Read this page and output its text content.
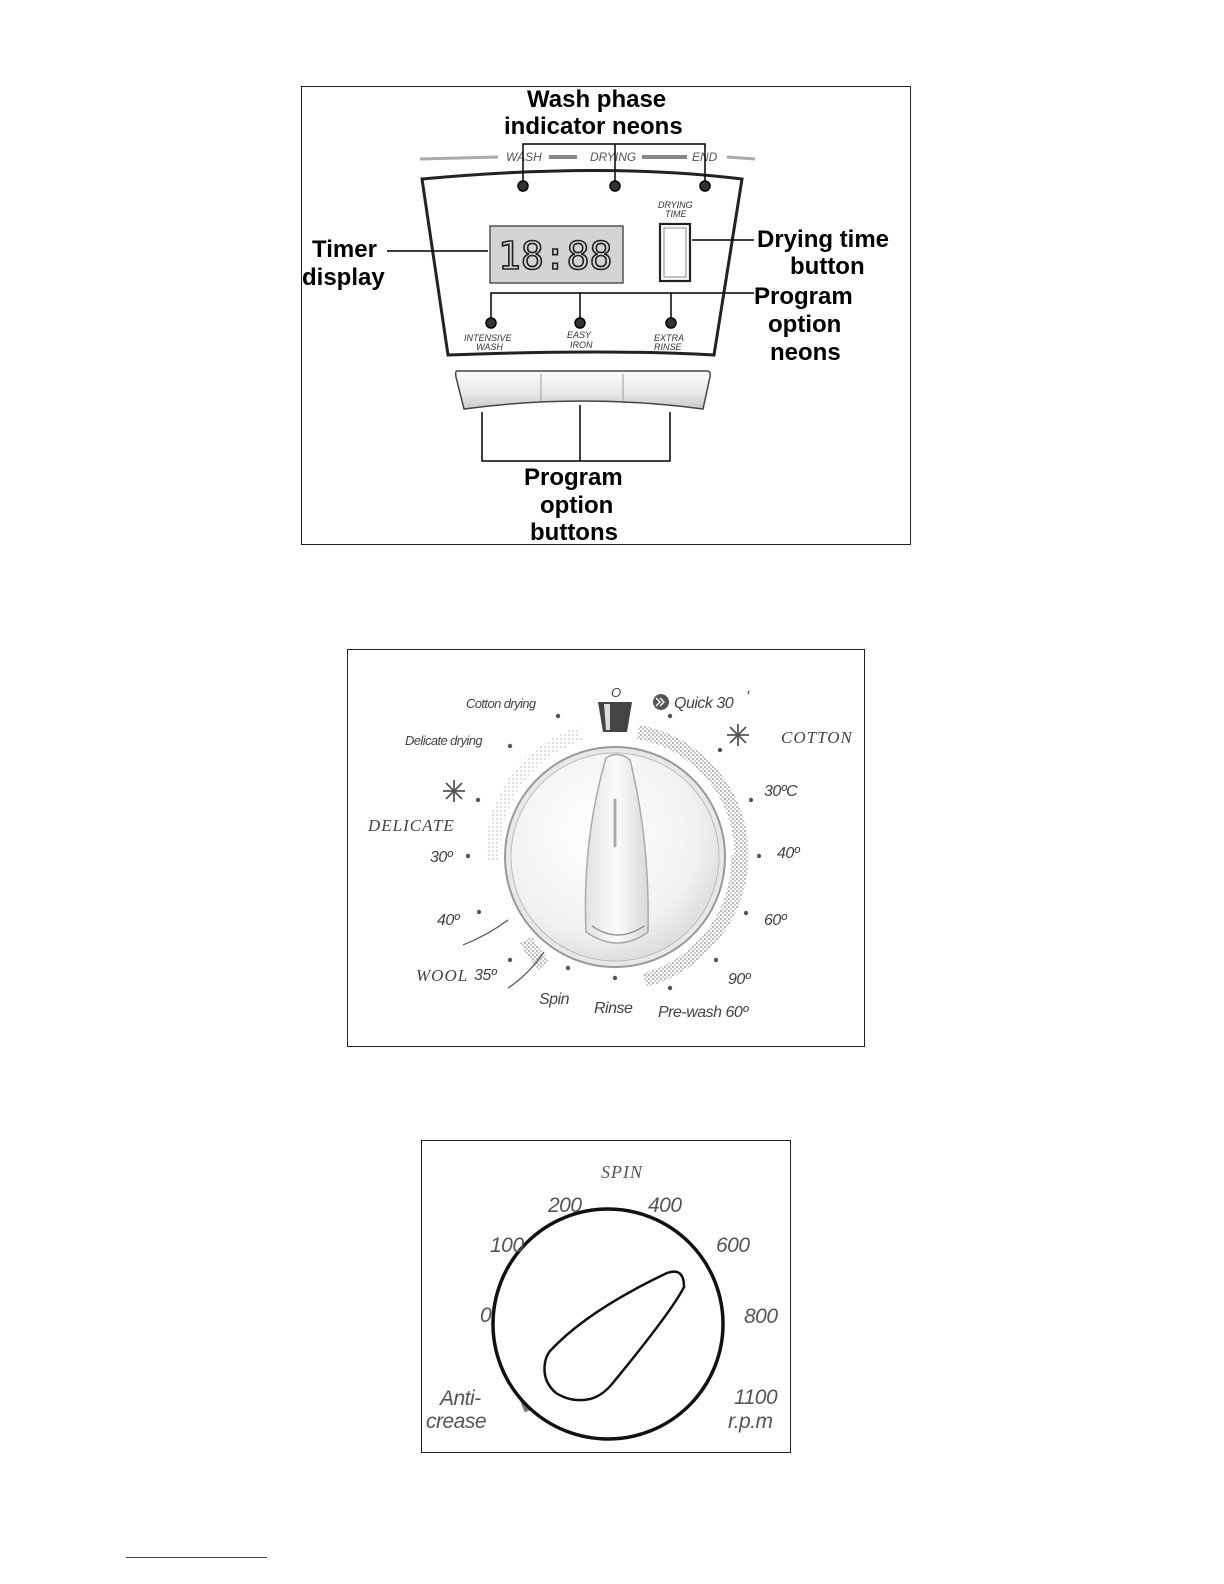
WASH	DRYING	END
18:88
DRYING
TIME
INTENSIVE
WASH
EASY
IRON
EXTRA
RINSE
Wash phase
indicator neons
Timer
display
Drying time
button
Program
option
neons
Program
option
buttons
O
Quick 30 '
Cotton drying
Delicate drying	COTTON
DELICATE
WOOL
30ºC
40º
60º
90º
Pre-wash 60º
Rinse
Spin
35º
40º
30º
SPIN
0
100
200	400
600
800
1100
r.p.m
Anti-
crease
